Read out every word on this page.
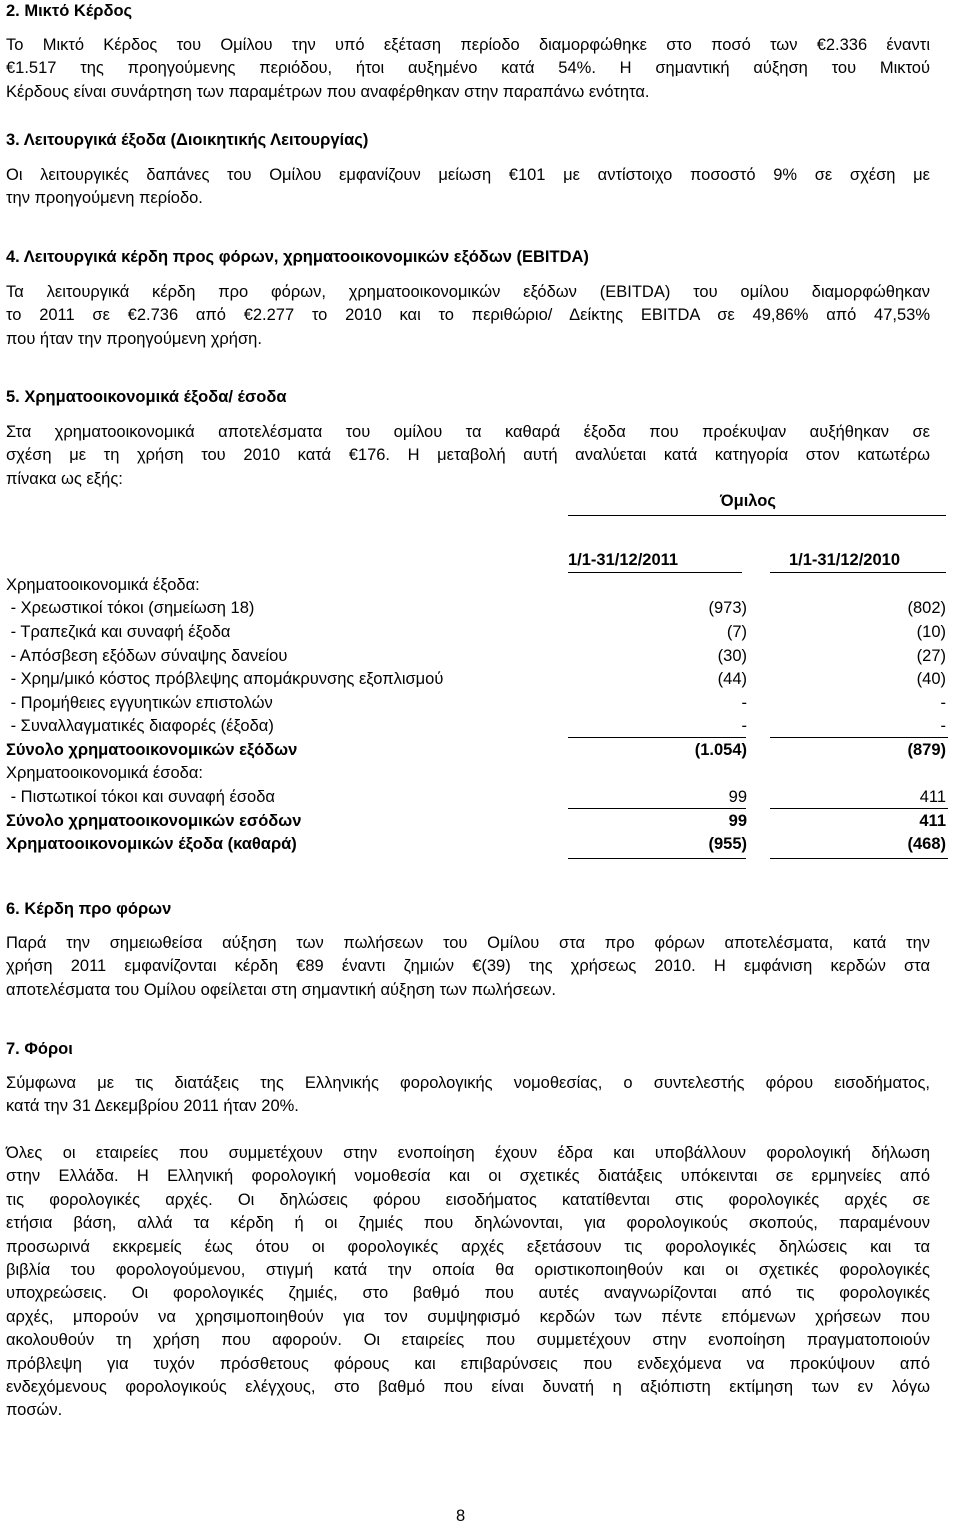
2. Μικτό Κέρδος
Το Μικτό Κέρδος του Ομίλου την υπό εξέταση περίοδο διαμορφώθηκε στο ποσό των €2.336 έναντι
€1.517 της προηγούμενης περιόδου, ήτοι αυξημένο κατά 54%. Η σημαντική αύξηση του Μικτού
Κέρδους είναι συνάρτηση των παραμέτρων που αναφέρθηκαν στην παραπάνω ενότητα.
3. Λειτουργικά έξοδα (Διοικητικής Λειτουργίας)
Οι λειτουργικές δαπάνες του Ομίλου εμφανίζουν μείωση €101 με αντίστοιχο ποσοστό 9% σε σχέση με
την προηγούμενη περίοδο.
4. Λειτουργικά κέρδη προς φόρων, χρηματοοικονομικών εξόδων (EBITDA)
Τα λειτουργικά κέρδη προ φόρων, χρηματοοικονομικών εξόδων (EBITDA) του ομίλου διαμορφώθηκαν
το 2011 σε €2.736 από €2.277 το 2010 και το περιθώριο/ Δείκτης EBITDA σε 49,86% από 47,53%
που ήταν την προηγούμενη χρήση.
5. Χρηματοοικονομικά έξοδα/ έσοδα
Στα χρηματοοικονομικά αποτελέσματα του ομίλου τα καθαρά έξοδα που προέκυψαν αυξήθηκαν σε
σχέση με τη χρήση του 2010 κατά €176. Η μεταβολή αυτή αναλύεται κατά κατηγορία στον κατωτέρω
πίνακα ως εξής:
Όμιλος
1/1-31/12/2011	1/1-31/12/2010
Χρηματοοικονομικά έξοδα:
- Χρεωστικοί τόκοι (σημείωση 18)	(973)	(802)
- Τραπεζικά και συναφή έξοδα	(7)	(10)
- Απόσβεση εξόδων σύναψης δανείου	(30)	(27)
- Χρημ/μικό κόστος πρόβλεψης απομάκρυνσης εξοπλισμού	(44)	(40)
- Προμήθειες εγγυητικών επιστολών	-	-
- Συναλλαγματικές διαφορές (έξοδα)	-	-
Σύνολο χρηματοοικονομικών εξόδων	(1.054)	(879)
Χρηματοοικονομικά έσοδα:
- Πιστωτικοί τόκοι και συναφή έσοδα	99	411
Σύνολο χρηματοοικονομικών εσόδων	99	411
Χρηματοοικονομικών έξοδα (καθαρά)	(955)	(468)
6. Κέρδη προ φόρων
Παρά την σημειωθείσα αύξηση των πωλήσεων του Ομίλου στα προ φόρων αποτελέσματα, κατά την
χρήση 2011 εμφανίζονται κέρδη €89 έναντι ζημιών €(39) της χρήσεως 2010. Η εμφάνιση κερδών στα
αποτελέσματα του Ομίλου οφείλεται στη σημαντική αύξηση των πωλήσεων.
7. Φόροι
Σύμφωνα με τις διατάξεις της Ελληνικής φορολογικής νομοθεσίας, ο συντελεστής φόρου εισοδήματος,
κατά την 31 Δεκεμβρίου 2011 ήταν 20%.
Όλες οι εταιρείες που συμμετέχουν στην ενοποίηση έχουν έδρα και υποβάλλουν φορολογική δήλωση
στην Ελλάδα. Η Ελληνική φορολογική νομοθεσία και οι σχετικές διατάξεις υπόκεινται σε ερμηνείες από
τις φορολογικές αρχές. Οι δηλώσεις φόρου εισοδήματος κατατίθενται στις φορολογικές αρχές σε
ετήσια βάση, αλλά τα κέρδη ή οι ζημιές που δηλώνονται, για φορολογικούς σκοπούς, παραμένουν
προσωρινά εκκρεμείς έως ότου οι φορολογικές αρχές εξετάσουν τις φορολογικές δηλώσεις και τα
βιβλία του φορολογούμενου, στιγμή κατά την οποία θα οριστικοποιηθούν και οι σχετικές φορολογικές
υποχρεώσεις. Οι φορολογικές ζημιές, στο βαθμό που αυτές αναγνωρίζονται από τις φορολογικές
αρχές, μπορούν να χρησιμοποιηθούν για τον συμψηφισμό κερδών των πέντε επόμενων χρήσεων που
ακολουθούν τη χρήση που αφορούν. Οι εταιρείες που συμμετέχουν στην ενοποίηση πραγματοποιούν
πρόβλεψη για τυχόν πρόσθετους φόρους και επιβαρύνσεις που ενδεχόμενα να προκύψουν από
ενδεχόμενους φορολογικούς ελέγχους, στο βαθμό που είναι δυνατή η αξιόπιστη εκτίμηση των εν λόγω
ποσών.
8
